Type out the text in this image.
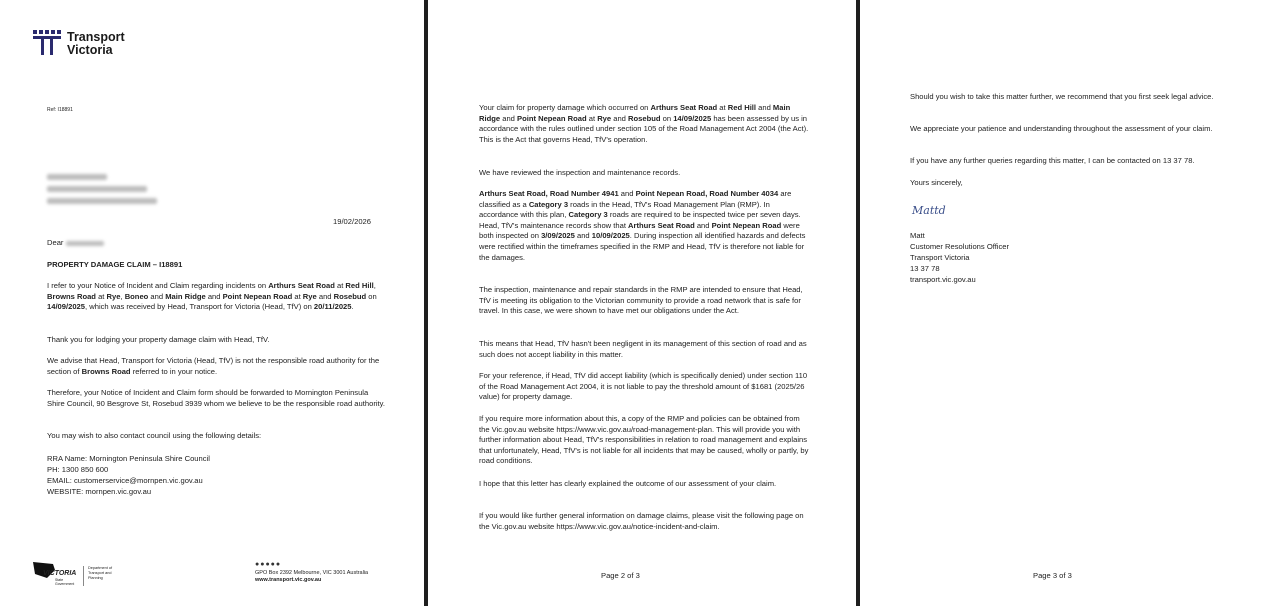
Transport
Victoria
Ref: I18891
19/02/2026
Dear
PROPERTY DAMAGE CLAIM – I18891
I refer to your Notice of Incident and Claim regarding incidents on Arthurs Seat Road at Red Hill, Browns Road at Rye, Boneo and Main Ridge and Point Nepean Road at Rye and Rosebud on 14/09/2025, which was received by Head, Transport for Victoria (Head, TfV) on 20/11/2025.
Thank you for lodging your property damage claim with Head, TfV.
We advise that Head, Transport for Victoria (Head, TfV) is not the responsible road authority for the section of Browns Road referred to in your notice.
Therefore, your Notice of Incident and Claim form should be forwarded to Mornington Peninsula Shire Council, 90 Besgrove St, Rosebud 3939 whom we believe to be the responsible road authority.
You may wish to also contact council using the following details:
RRA Name: Mornington Peninsula Shire Council
PH: 1300 850 600
EMAIL: customerservice@mornpen.vic.gov.au
WEBSITE: mornpen.vic.gov.au
VICTORIA
State Government
Department of Transport and Planning
●●●●●
GPO Box 2392 Melbourne, VIC 3001 Australia
www.transport.vic.gov.au
Your claim for property damage which occurred on Arthurs Seat Road at Red Hill and Main Ridge and Point Nepean Road at Rye and Rosebud on 14/09/2025 has been assessed by us in accordance with the rules outlined under section 105 of the Road Management Act 2004 (the Act). This is the Act that governs Head, TfV's operation.
We have reviewed the inspection and maintenance records.
Arthurs Seat Road, Road Number 4941 and Point Nepean Road, Road Number 4034 are classified as a Category 3 roads in the Head, TfV's Road Management Plan (RMP). In accordance with this plan, Category 3 roads are required to be inspected twice per seven days. Head, TfV's maintenance records show that Arthurs Seat Road and Point Nepean Road were both inspected on 3/09/2025 and 10/09/2025. During inspection all identified hazards and defects were rectified within the timeframes specified in the RMP and Head, TfV is therefore not liable for the damages.
The inspection, maintenance and repair standards in the RMP are intended to ensure that Head, TfV is meeting its obligation to the Victorian community to provide a road network that is safe for travel. In this case, we were shown to have met our obligations under the Act.
This means that Head, TfV hasn't been negligent in its management of this section of road and as such does not accept liability in this matter.
For your reference, if Head, TfV did accept liability (which is specifically denied) under section 110 of the Road Management Act 2004, it is not liable to pay the threshold amount of $1681 (2025/26 value) for property damage.
If you require more information about this, a copy of the RMP and policies can be obtained from the Vic.gov.au website https://www.vic.gov.au/road-management-plan. This will provide you with further information about Head, TfV's responsibilities in relation to road management and explains that unfortunately, Head, TfV's is not liable for all incidents that may be caused, wholly or partly, by road conditions.
I hope that this letter has clearly explained the outcome of our assessment of your claim.
If you would like further general information on damage claims, please visit the following page on the Vic.gov.au website https://www.vic.gov.au/notice-incident-and-claim.
Page 2 of 3
Should you wish to take this matter further, we recommend that you first seek legal advice.
We appreciate your patience and understanding throughout the assessment of your claim.
If you have any further queries regarding this matter, I can be contacted on 13 37 78.
Yours sincerely,
Mattd
Matt
Customer Resolutions Officer
Transport Victoria
13 37 78
transport.vic.gov.au
Page 3 of 3
